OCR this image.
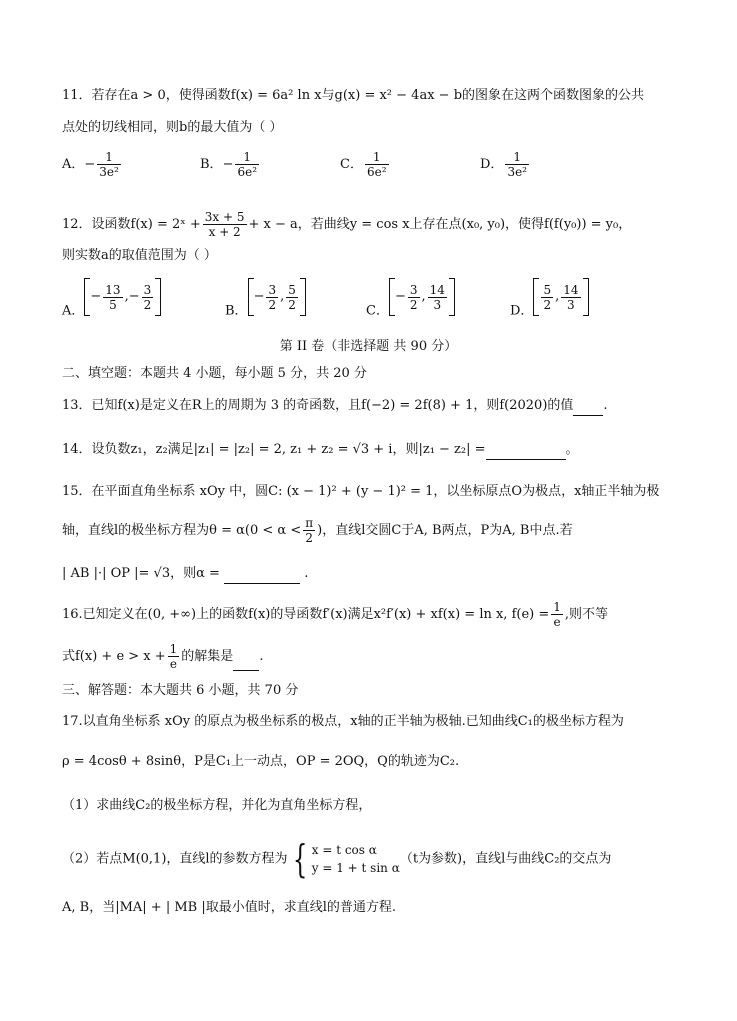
11．若存在a > 0，使得函数f(x) = 6a² ln x与g(x) = x² − 4ax − b的图象在这两个函数图象的公共
点处的切线相同，则b的最大值为（ ）
A．− $\frac{1}{\text{3e²}}$	B．− $\frac{1}{\text{6e²}}$	C． $\frac{1}{\text{6e²}}$	D． $\frac{1}{\text{3e²}}$
12．设函数f(x) = 2ˣ + $\frac{3x + 5}{x + 2} + x - a$，若曲线y = cos x上存在点(x₀, y₀)，使得f(f(y₀)) = y₀，
则实数a的取值范围为（ ）
A．
− $\frac{13}{5}$ , − $\frac{3}{2}$	B．
− $\frac{3}{2}$ , $\frac{5}{2}$	C．
− $\frac{3}{2}$ , $\frac{14}{3}$	D． $\frac{5}{2}$ , $\frac{14}{3}$
第 II 卷（非选择题 共 90 分）
二、填空题：本题共 4 小题，每小题 5 分，共 20 分
13．已知f(x)是定义在R上的周期为 3 的奇函数，且f(−2) = 2f(8) + 1，则f(2020)的值 .
14．设负数z₁，z₂满足|z₁| = |z₂| = 2, z₁ + z₂ = √3 + i，则|z₁ − z₂| =	。
15．在平面直角坐标系 xOy 中，圆C: (x − 1)² + (y − 1)² = 1，以坐标原点O为极点，x轴正半轴为极
轴，直线l的极坐标方程为$\theta = \alpha(0 < \alpha < \frac{\pi}{2}$ )，直线l交圆C于A, B两点，P为A, B中点.若
| AB |·| OP |= √3，则α =	.
16.已知定义在(0, +∞)上的函数f(x)的导函数f′(x)满足x²f′(x) + xf(x) = ln x, $f(e) = \frac{1}{e}$ ,则不等
式$f(x) + e > x + \frac{1}{e}$ 的解集是 .
三、解答题：本大题共 6 小题，共 70 分
17.以直角坐标系 xOy 的原点为极坐标系的极点，x轴的正半轴为极轴.已知曲线C₁的极坐标方程为
ρ = 4cosθ + 8sinθ，P是C₁上一动点，OP = 2OQ，Q的轨迹为C₂.
（1）求曲线C₂的极坐标方程，并化为直角坐标方程，
（2）若点M(0,1)，直线l的参数方程为 { x = t cos α
y = 1 + t sin α
（t为参数)，直线l与曲线C₂的交点为
A, B，当|MA| + | MB |取最小值时，求直线l的普通方程.
